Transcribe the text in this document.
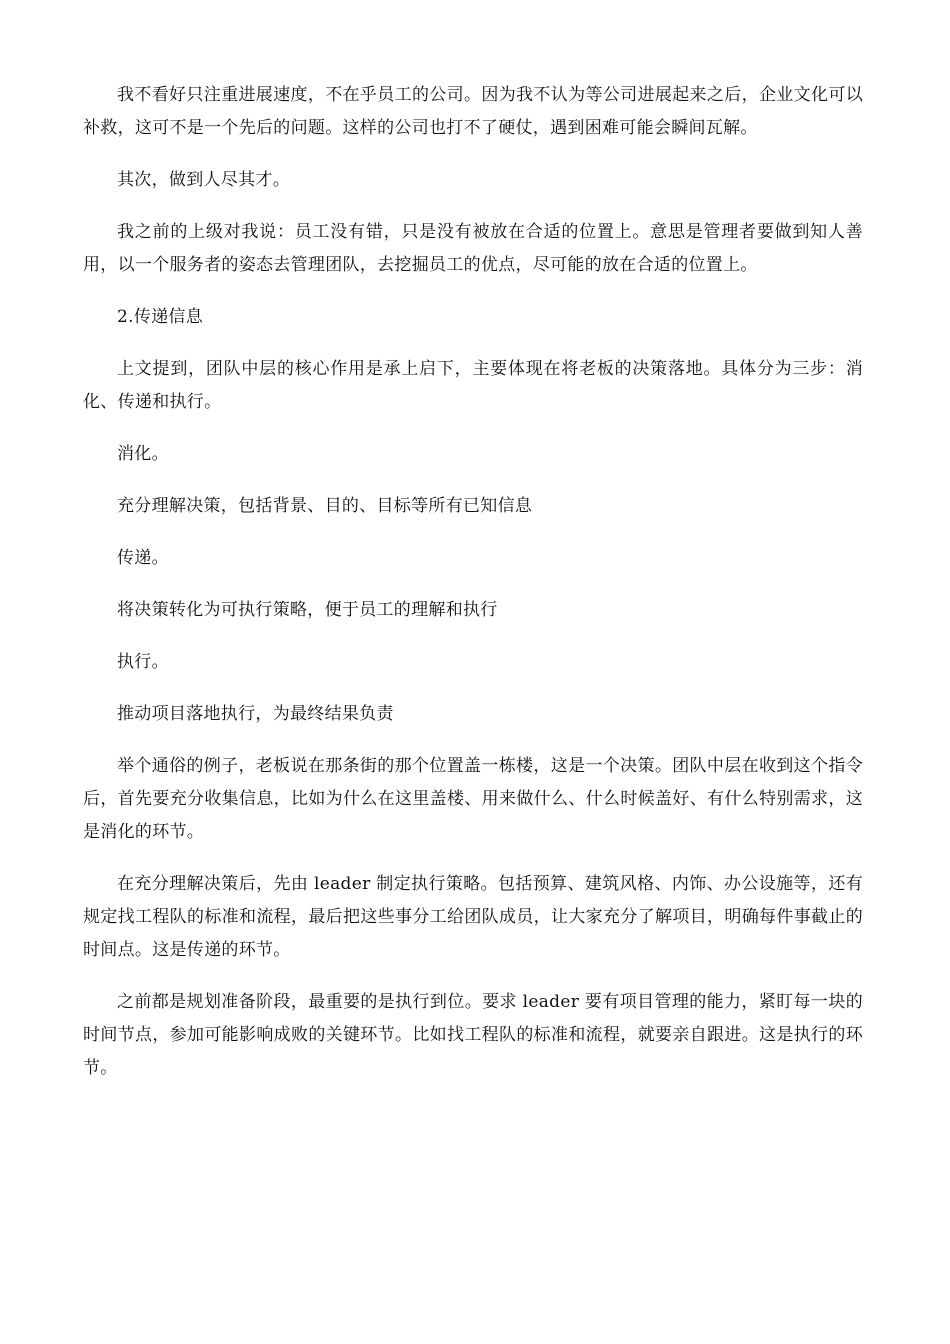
我不看好只注重进展速度，不在乎员工的公司。因为我不认为等公司进展起来之后，企业文化可以补救，这可不是一个先后的问题。这样的公司也打不了硬仗，遇到困难可能会瞬间瓦解。

其次，做到人尽其才。

我之前的上级对我说：员工没有错，只是没有被放在合适的位置上。意思是管理者要做到知人善用，以一个服务者的姿态去管理团队，去挖掘员工的优点，尽可能的放在合适的位置上。

2.传递信息

上文提到，团队中层的核心作用是承上启下，主要体现在将老板的决策落地。具体分为三步：消化、传递和执行。

消化。

充分理解决策，包括背景、目的、目标等所有已知信息

传递。

将决策转化为可执行策略，便于员工的理解和执行

执行。

推动项目落地执行，为最终结果负责

举个通俗的例子，老板说在那条街的那个位置盖一栋楼，这是一个决策。团队中层在收到这个指令后，首先要充分收集信息，比如为什么在这里盖楼、用来做什么、什么时候盖好、有什么特别需求，这是消化的环节。

在充分理解决策后，先由 leader 制定执行策略。包括预算、建筑风格、内饰、办公设施等，还有规定找工程队的标准和流程，最后把这些事分工给团队成员，让大家充分了解项目，明确每件事截止的时间点。这是传递的环节。

之前都是规划准备阶段，最重要的是执行到位。要求 leader 要有项目管理的能力，紧盯每一块的时间节点，参加可能影响成败的关键环节。比如找工程队的标准和流程，就要亲自跟进。这是执行的环节。
